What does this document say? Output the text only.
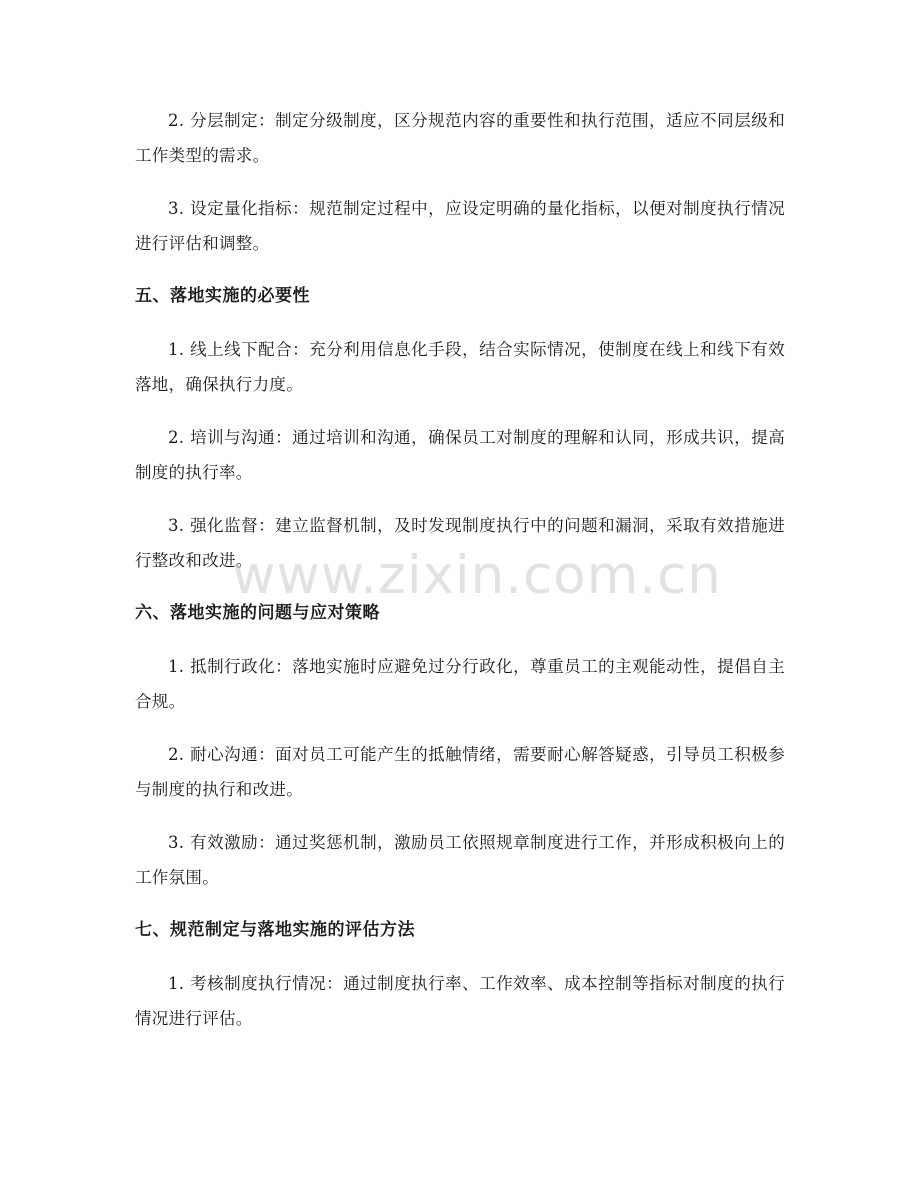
2. 分层制定：制定分级制度，区分规范内容的重要性和执行范围，适应不同层级和工作类型的需求。

3. 设定量化指标：规范制定过程中，应设定明确的量化指标，以便对制度执行情况进行评估和调整。

五、落地实施的必要性

1. 线上线下配合：充分利用信息化手段，结合实际情况，使制度在线上和线下有效落地，确保执行力度。

2. 培训与沟通：通过培训和沟通，确保员工对制度的理解和认同，形成共识，提高制度的执行率。

3. 强化监督：建立监督机制，及时发现制度执行中的问题和漏洞，采取有效措施进行整改和改进。

六、落地实施的问题与应对策略

1. 抵制行政化：落地实施时应避免过分行政化，尊重员工的主观能动性，提倡自主合规。

2. 耐心沟通：面对员工可能产生的抵触情绪，需要耐心解答疑惑，引导员工积极参与制度的执行和改进。

3. 有效激励：通过奖惩机制，激励员工依照规章制度进行工作，并形成积极向上的工作氛围。

七、规范制定与落地实施的评估方法

1. 考核制度执行情况：通过制度执行率、工作效率、成本控制等指标对制度的执行情况进行评估。

www.zixin.com.cn
